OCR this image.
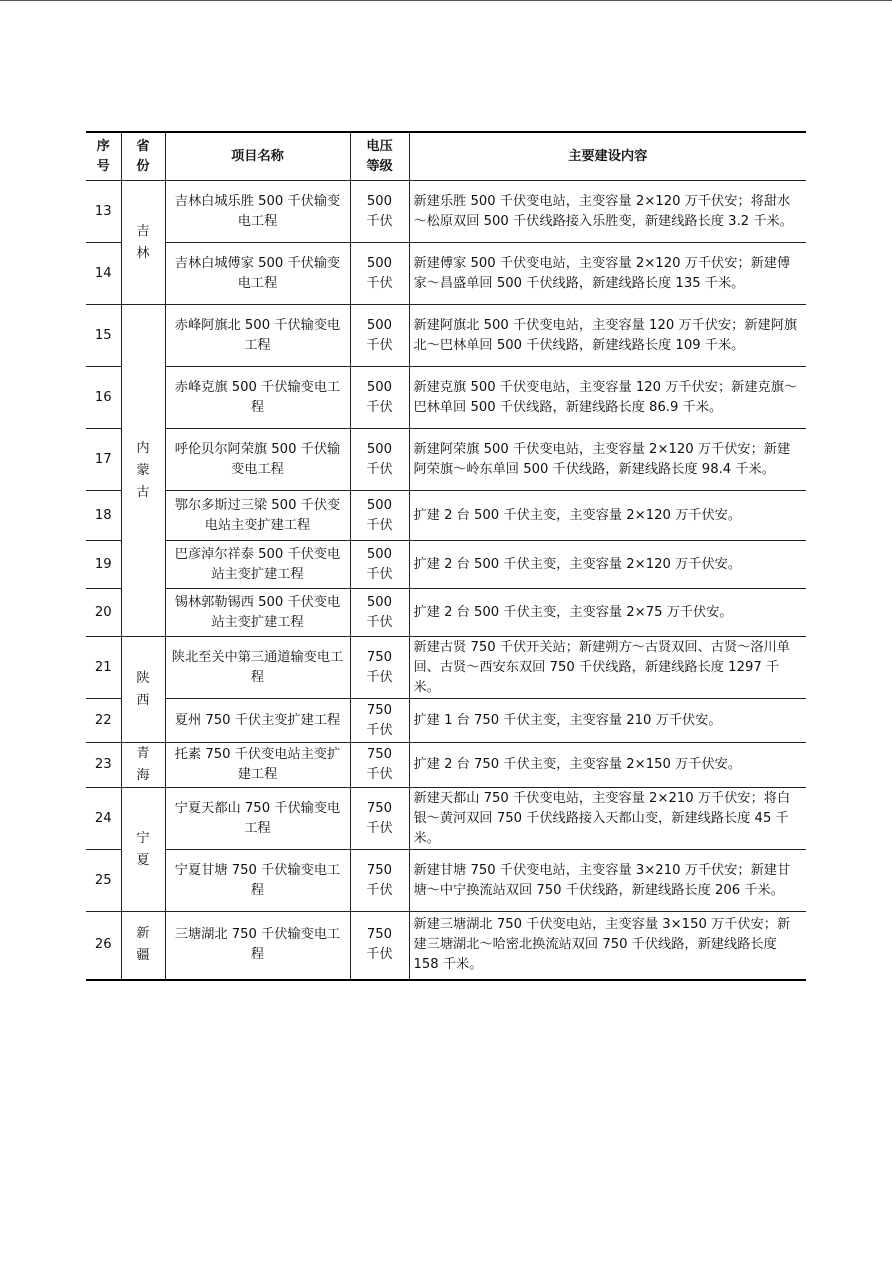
序号	省份	项目名称	电压等级	主要建设内容
13	吉林	吉林白城乐胜 500 千伏输变电工程	500 千伏	新建乐胜 500 千伏变电站，主变容量 2×120 万千伏安；将甜水～松原双回 500 千伏线路接入乐胜变，新建线路长度 3.2 千米。
14		吉林白城傅家 500 千伏输变电工程	500 千伏	新建傅家 500 千伏变电站，主变容量 2×120 万千伏安；新建傅家～昌盛单回 500 千伏线路，新建线路长度 135 千米。
15	内蒙古	赤峰阿旗北 500 千伏输变电工程	500 千伏	新建阿旗北 500 千伏变电站，主变容量 120 万千伏安；新建阿旗北～巴林单回 500 千伏线路，新建线路长度 109 千米。
16		赤峰克旗 500 千伏输变电工程	500 千伏	新建克旗 500 千伏变电站，主变容量 120 万千伏安；新建克旗～巴林单回 500 千伏线路，新建线路长度 86.9 千米。
17		呼伦贝尔阿荣旗 500 千伏输变电工程	500 千伏	新建阿荣旗 500 千伏变电站，主变容量 2×120 万千伏安；新建阿荣旗～岭东单回 500 千伏线路，新建线路长度 98.4 千米。
18		鄂尔多斯过三梁 500 千伏变电站主变扩建工程	500 千伏	扩建 2 台 500 千伏主变，主变容量 2×120 万千伏安。
19		巴彦淖尔祥泰 500 千伏变电站主变扩建工程	500 千伏	扩建 2 台 500 千伏主变，主变容量 2×120 万千伏安。
20		锡林郭勒锡西 500 千伏变电站主变扩建工程	500 千伏	扩建 2 台 500 千伏主变，主变容量 2×75 万千伏安。
21	陕西	陕北至关中第三通道输变电工程	750 千伏	新建古贤 750 千伏开关站；新建朔方～古贤双回、古贤～洛川单回、古贤～西安东双回 750 千伏线路，新建线路长度 1297 千米。
22		夏州 750 千伏主变扩建工程	750 千伏	扩建 1 台 750 千伏主变，主变容量 210 万千伏安。
23	青海	托素 750 千伏变电站主变扩建工程	750 千伏	扩建 2 台 750 千伏主变，主变容量 2×150 万千伏安。
24	宁夏	宁夏天都山 750 千伏输变电工程	750 千伏	新建天都山 750 千伏变电站，主变容量 2×210 万千伏安；将白银～黄河双回 750 千伏线路接入天都山变，新建线路长度 45 千米。
25		宁夏甘塘 750 千伏输变电工程	750 千伏	新建甘塘 750 千伏变电站，主变容量 3×210 万千伏安；新建甘塘～中宁换流站双回 750 千伏线路，新建线路长度 206 千米。
26	新疆	三塘湖北 750 千伏输变电工程	750 千伏	新建三塘湖北 750 千伏变电站，主变容量 3×150 万千伏安；新建三塘湖北～哈密北换流站双回 750 千伏线路，新建线路长度 158 千米。
